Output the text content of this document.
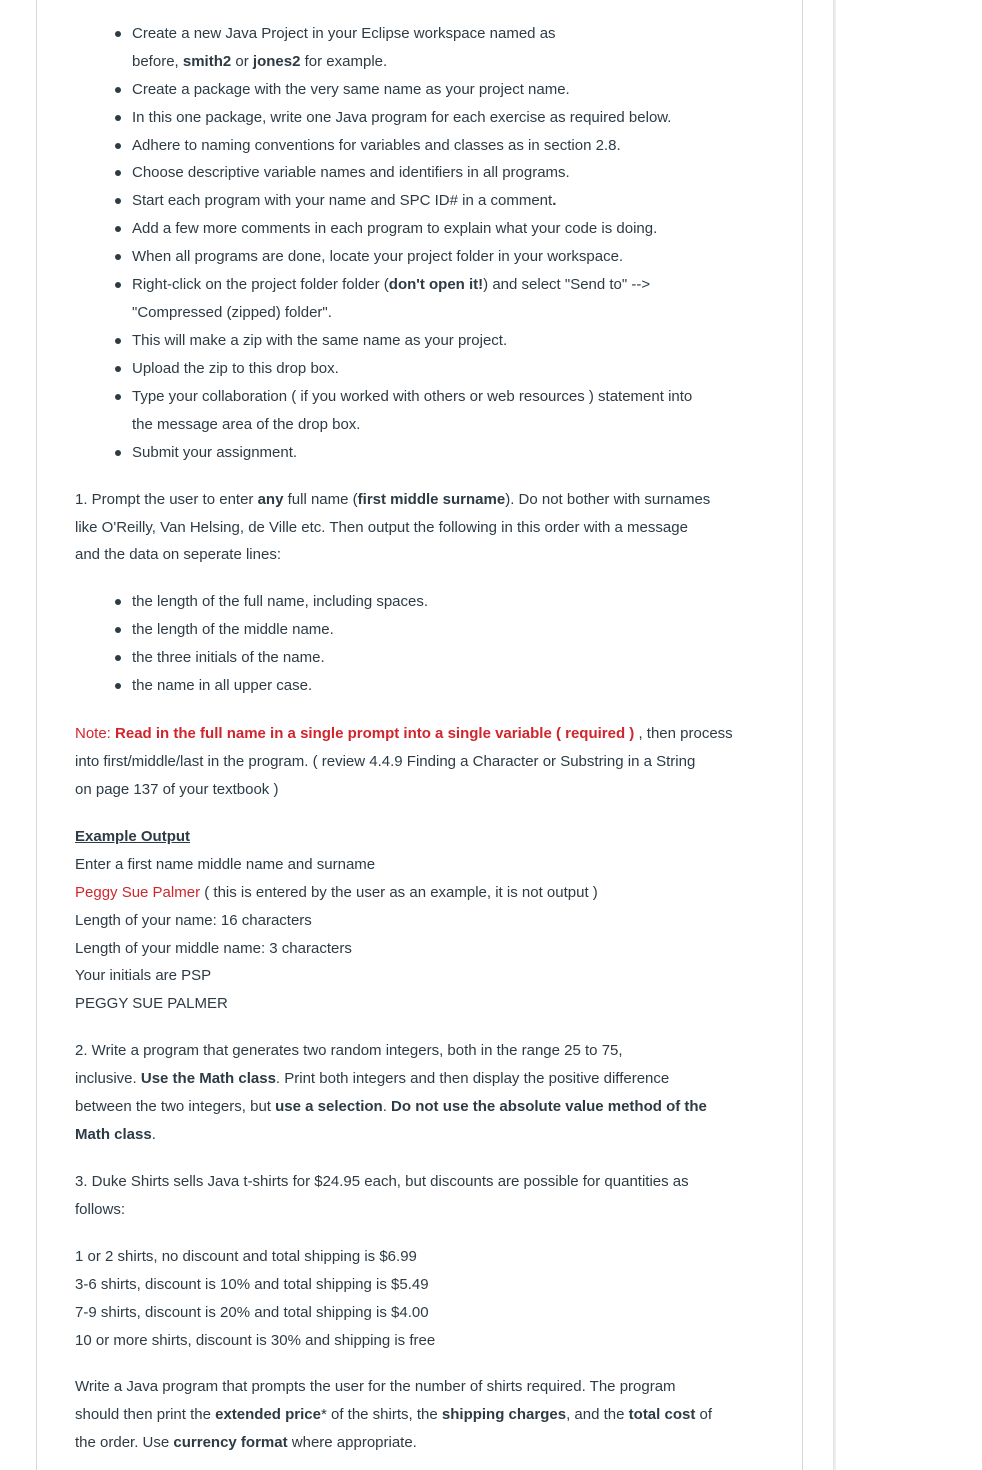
Create a new Java Project in your Eclipse workspace named as
before, smith2 or jones2 for example.
Create a package with the very same name as your project name.
In this one package, write one Java program for each exercise as required below.
Adhere to naming conventions for variables and classes as in section 2.8.
Choose descriptive variable names and identifiers in all programs.
Start each program with your name and SPC ID# in a comment.
Add a few more comments in each program to explain what your code is doing.
When all programs are done, locate your project folder in your workspace.
Right-click on the project folder folder (don't open it!) and select "Send to" -->
"Compressed (zipped) folder".
This will make a zip with the same name as your project.
Upload the zip to this drop box.
Type your collaboration ( if you worked with others or web resources ) statement into
the message area of the drop box.
Submit your assignment.
1. Prompt the user to enter any full name (first middle surname). Do not bother with surnames
like O'Reilly, Van Helsing, de Ville etc. Then output the following in this order with a message
and the data on seperate lines:
the length of the full name, including spaces.
the length of the middle name.
the three initials of the name.
the name in all upper case.
Note: Read in the full name in a single prompt into a single variable ( required ) , then process
into first/middle/last in the program. ( review 4.4.9 Finding a Character or Substring in a String
on page 137 of your textbook )
Example Output
Enter a first name middle name and surname
Peggy Sue Palmer ( this is entered by the user as an example, it is not output )
Length of your name: 16 characters
Length of your middle name: 3 characters
Your initials are PSP
PEGGY SUE PALMER
2. Write a program that generates two random integers, both in the range 25 to 75,
inclusive. Use the Math class. Print both integers and then display the positive difference
between the two integers, but use a selection. Do not use the absolute value method of the
Math class.
3. Duke Shirts sells Java t-shirts for $24.95 each, but discounts are possible for quantities as
follows:
1 or 2 shirts, no discount and total shipping is $6.99
3-6 shirts, discount is 10% and total shipping is $5.49
7-9 shirts, discount is 20% and total shipping is $4.00
10 or more shirts, discount is 30% and shipping is free
Write a Java program that prompts the user for the number of shirts required. The program
should then print the extended price* of the shirts, the shipping charges, and the total cost of
the order. Use currency format where appropriate.
